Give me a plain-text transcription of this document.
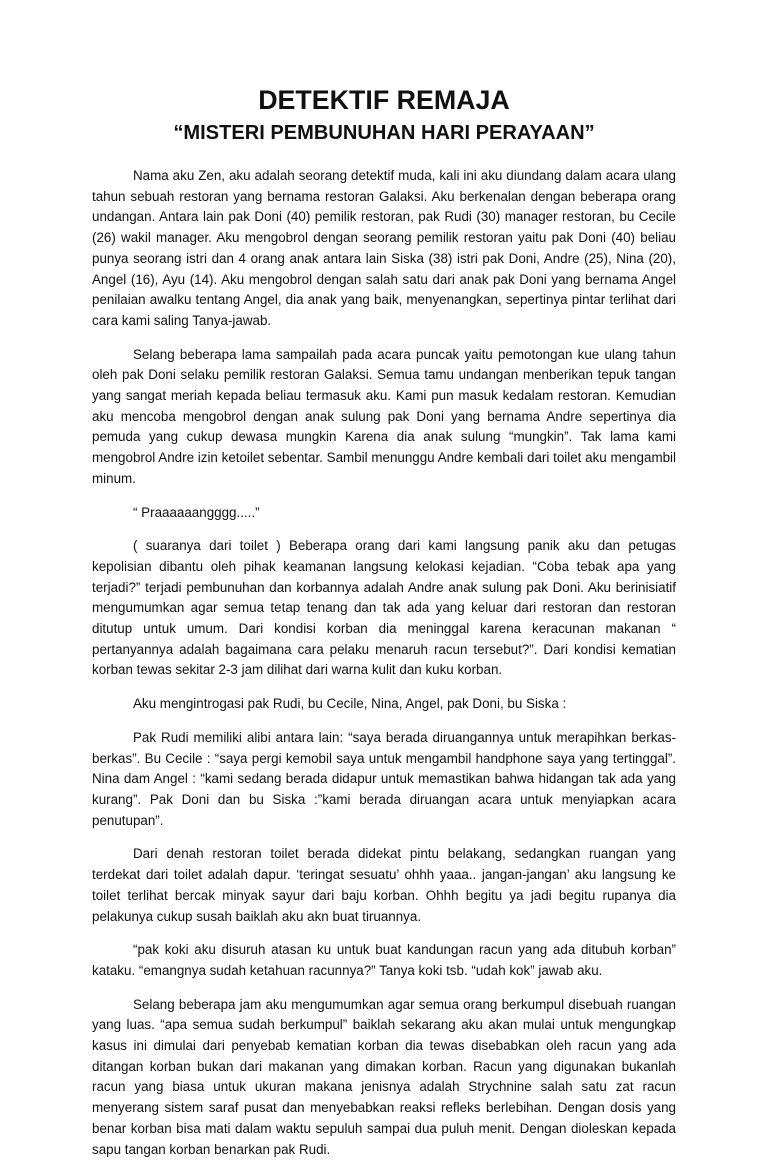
DETEKTIF REMAJA
“MISTERI PEMBUNUHAN HARI PERAYAAN”

Nama aku Zen, aku adalah seorang detektif muda, kali ini aku diundang dalam acara ulang tahun sebuah restoran yang bernama restoran Galaksi. Aku berkenalan dengan beberapa orang undangan. Antara lain pak Doni (40) pemilik restoran, pak Rudi (30) manager restoran, bu Cecile (26) wakil manager. Aku mengobrol dengan seorang pemilik restoran yaitu pak Doni (40) beliau punya seorang istri dan 4 orang anak antara lain Siska (38) istri pak Doni, Andre (25), Nina (20), Angel (16), Ayu (14). Aku mengobrol dengan salah satu dari anak pak Doni yang bernama Angel penilaian awalku tentang Angel, dia anak yang baik, menyenangkan, sepertinya pintar terlihat dari cara kami saling Tanya-jawab.

Selang beberapa lama sampailah pada acara puncak yaitu pemotongan kue ulang tahun oleh pak Doni selaku pemilik restoran Galaksi. Semua tamu undangan menberikan tepuk tangan yang sangat meriah kepada beliau termasuk aku. Kami pun masuk kedalam restoran. Kemudian aku mencoba mengobrol dengan anak sulung pak Doni yang bernama Andre sepertinya dia pemuda yang cukup dewasa mungkin Karena dia anak sulung “mungkin”. Tak lama kami mengobrol Andre izin ketoilet sebentar. Sambil menunggu Andre kembali dari toilet aku mengambil minum.

“ Praaaaaangggg.....”

( suaranya dari toilet ) Beberapa orang dari kami langsung panik aku dan petugas kepolisian dibantu oleh pihak keamanan langsung kelokasi kejadian. “Coba tebak apa yang terjadi?” terjadi pembunuhan dan korbannya adalah Andre anak sulung pak Doni. Aku berinisiatif mengumumkan agar semua tetap tenang dan tak ada yang keluar dari restoran dan restoran ditutup untuk umum. Dari kondisi korban dia meninggal karena keracunan makanan “ pertanyannya adalah bagaimana cara pelaku menaruh racun tersebut?”. Dari kondisi kematian korban tewas sekitar 2-3 jam dilihat dari warna kulit dan kuku korban.

Aku mengintrogasi pak Rudi, bu Cecile, Nina, Angel, pak Doni, bu Siska :

Pak Rudi memiliki alibi antara lain: “saya berada diruangannya untuk merapihkan berkas-berkas”. Bu Cecile : “saya pergi kemobil saya untuk mengambil handphone saya yang tertinggal”. Nina dam Angel : “kami sedang berada didapur untuk memastikan bahwa hidangan tak ada yang kurang”. Pak Doni dan bu Siska :”kami berada diruangan acara untuk menyiapkan acara penutupan”.

Dari denah restoran toilet berada didekat pintu belakang, sedangkan ruangan yang terdekat dari toilet adalah dapur. ‘teringat sesuatu’ ohhh yaaa.. jangan-jangan’ aku langsung ke toilet terlihat bercak minyak sayur dari baju korban. Ohhh begitu ya jadi begitu rupanya dia pelakunya cukup susah baiklah aku akn buat tiruannya.

“pak koki aku disuruh atasan ku untuk buat kandungan racun yang ada ditubuh korban” kataku. “emangnya sudah ketahuan racunnya?” Tanya koki tsb. “udah kok” jawab aku.

Selang beberapa jam aku mengumumkan agar semua orang berkumpul disebuah ruangan yang luas. “apa semua sudah berkumpul” baiklah sekarang aku akan mulai untuk mengungkap kasus ini dimulai dari penyebab kematian korban dia tewas disebabkan oleh racun yang ada ditangan korban bukan dari makanan yang dimakan korban. Racun yang digunakan bukanlah racun yang biasa untuk ukuran makana jenisnya adalah Strychnine salah satu zat racun menyerang sistem saraf pusat dan menyebabkan reaksi refleks berlebihan. Dengan dosis yang benar korban bisa mati dalam waktu sepuluh sampai dua puluh menit. Dengan dioleskan kepada sapu tangan korban benarkan pak Rudi.
